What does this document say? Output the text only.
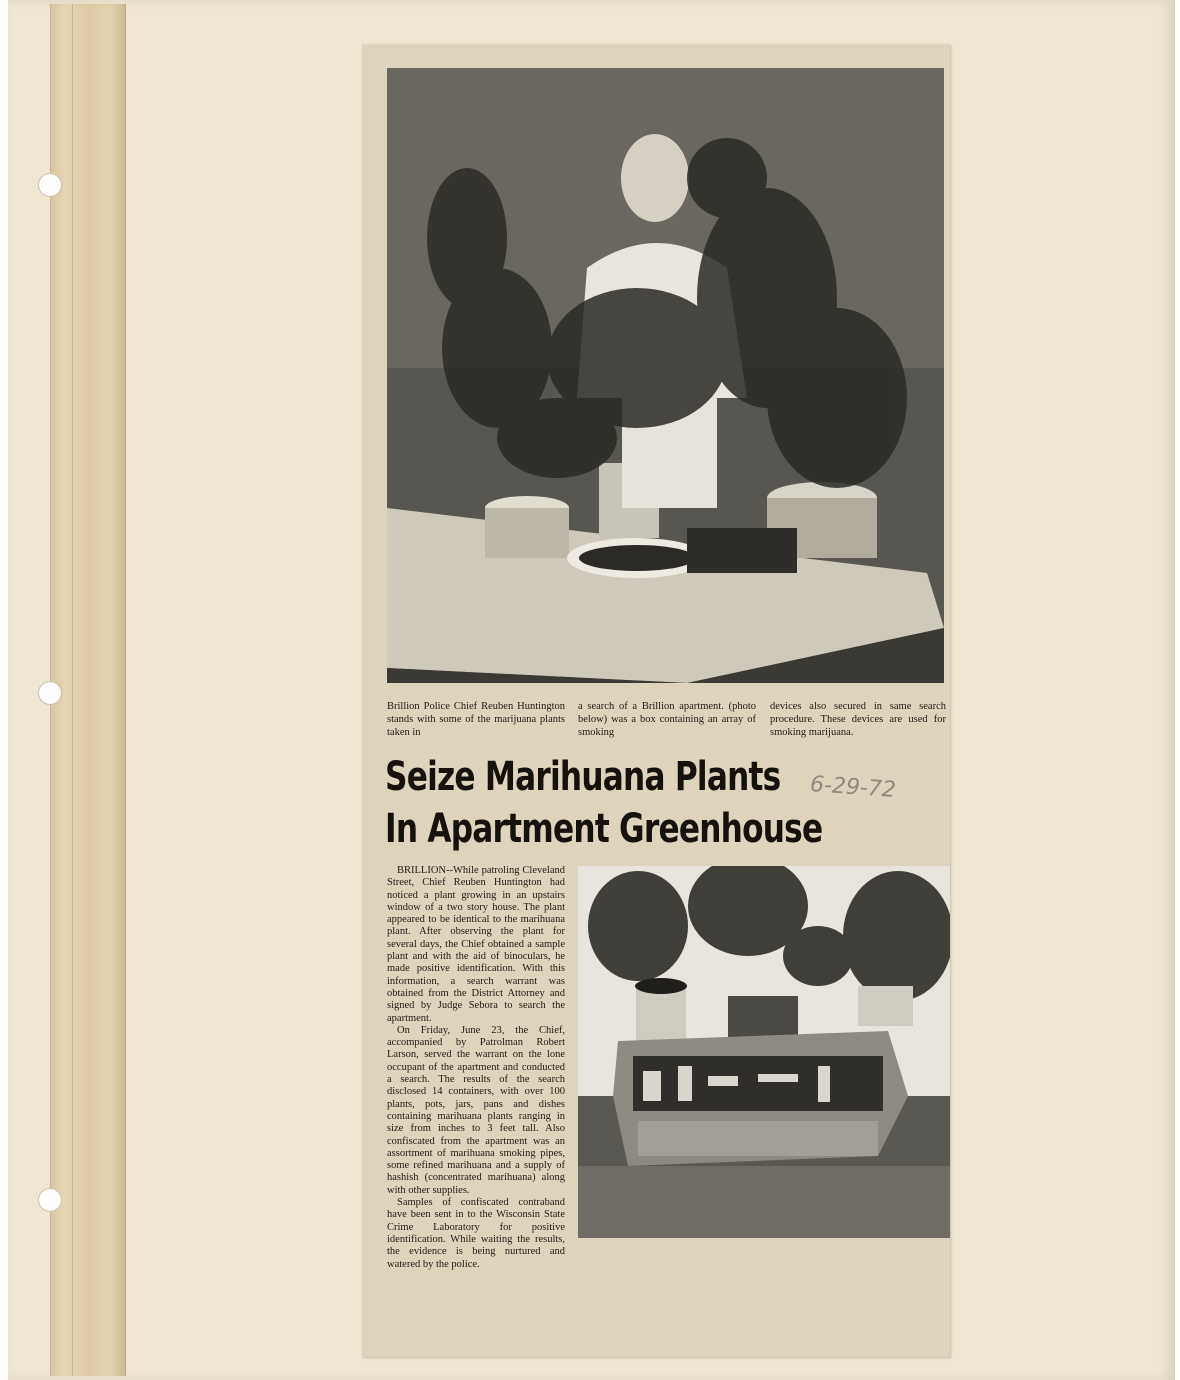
Brillion Police Chief Reuben Huntington stands with some of the marijuana plants taken in
a search of a Brillion apartment. (photo below) was a box containing an array of smoking
devices also secured in same search procedure. These devices are used for smoking marijuana.
Seize Marihuana Plants
In Apartment Greenhouse
6-29-72

BRILLION--While patroling Cleveland Street, Chief Reuben Huntington had noticed a plant growing in an upstairs window of a two story house. The plant appeared to be identical to the marihuana plant. After observing the plant for several days, the Chief obtained a sample plant and with the aid of binoculars, he made positive identification. With this information, a search warrant was obtained from the District Attorney and signed by Judge Sebora to search the apartment.

On Friday, June 23, the Chief, accompanied by Patrolman Robert Larson, served the warrant on the lone occupant of the apartment and conducted a search. The results of the search disclosed 14 containers, with over 100 plants, pots, jars, pans and dishes containing marihuana plants ranging in size from inches to 3 feet tall. Also confiscated from the apartment was an assortment of marihuana smoking pipes, some refined marihuana and a supply of hashish (concentrated marihuana) along with other supplies.

Samples of confiscated contraband have been sent in to the Wisconsin State Crime Laboratory for positive identification. While waiting the results, the evidence is being nurtured and watered by the police.
